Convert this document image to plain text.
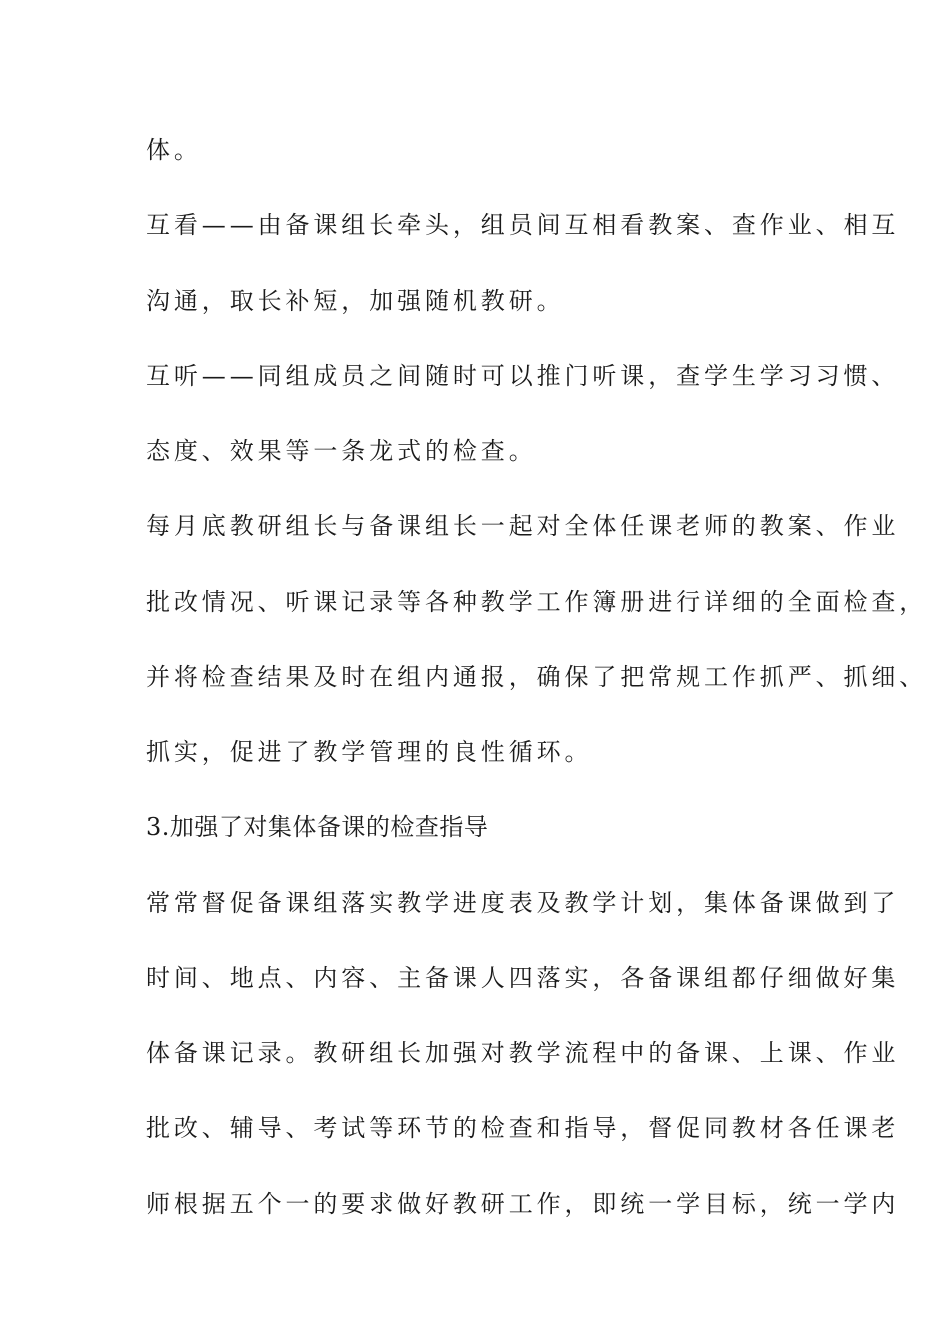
体。
互看——由备课组长牵头，组员间互相看教案、查作业、相互
沟通，取长补短，加强随机教研。
互听——同组成员之间随时可以推门听课，查学生学习习惯、
态度、效果等一条龙式的检查。
每月底教研组长与备课组长一起对全体任课老师的教案、作业
批改情况、听课记录等各种教学工作簿册进行详细的全面检查，
并将检查结果及时在组内通报，确保了把常规工作抓严、抓细、
抓实，促进了教学管理的良性循环。
3.加强了对集体备课的检查指导
常常督促备课组落实教学进度表及教学计划，集体备课做到了
时间、地点、内容、主备课人四落实，各备课组都仔细做好集
体备课记录。教研组长加强对教学流程中的备课、上课、作业
批改、辅导、考试等环节的检查和指导，督促同教材各任课老
师根据五个一的要求做好教研工作，即统一学目标，统一学内
